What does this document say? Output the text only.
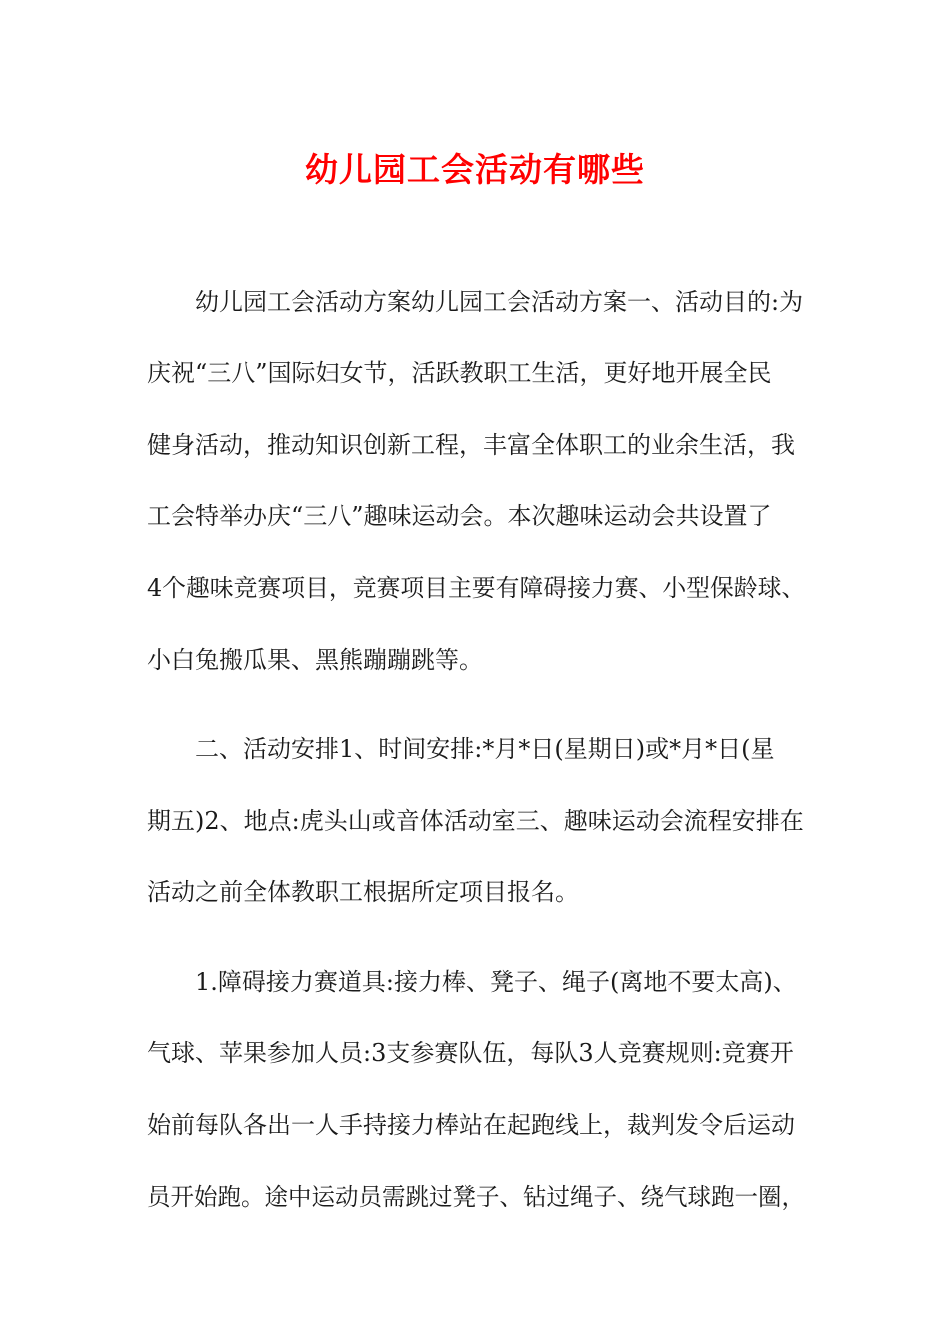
幼儿园工会活动有哪些
幼儿园工会活动方案幼儿园工会活动方案一、活动目的:为
庆祝“三八”国际妇女节，活跃教职工生活，更好地开展全民
健身活动，推动知识创新工程，丰富全体职工的业余生活，我
工会特举办庆“三八”趣味运动会。本次趣味运动会共设置了
4个趣味竞赛项目，竞赛项目主要有障碍接力赛、小型保龄球、
小白兔搬瓜果、黑熊蹦蹦跳等。
二、活动安排1、时间安排:*月*日(星期日)或*月*日(星
期五)2、地点:虎头山或音体活动室三、趣味运动会流程安排在
活动之前全体教职工根据所定项目报名。
1.障碍接力赛道具:接力棒、凳子、绳子(离地不要太高)、
气球、苹果参加人员:3支参赛队伍，每队3人竞赛规则:竞赛开
始前每队各出一人手持接力棒站在起跑线上，裁判发令后运动
员开始跑。途中运动员需跳过凳子、钻过绳子、绕气球跑一圈，
